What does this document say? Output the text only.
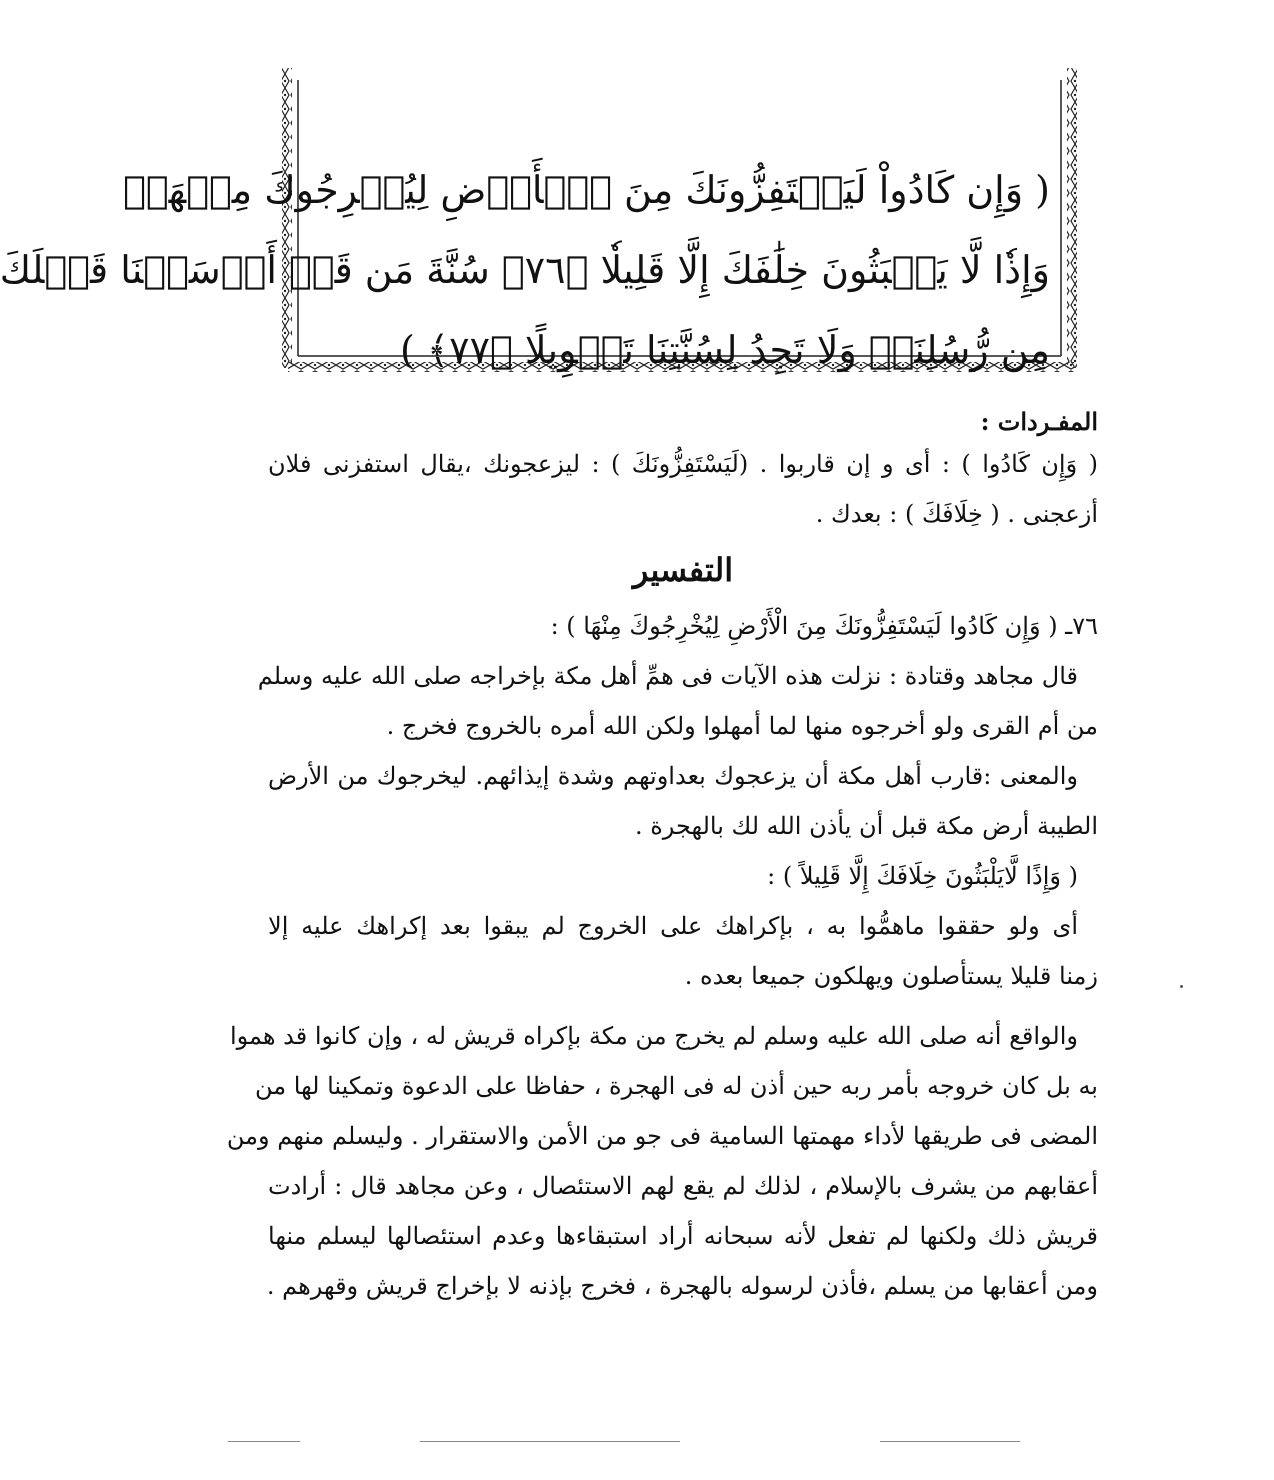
( وَإِن كَادُواْ لَيَسۡتَفِزُّونَكَ مِنَ ٱلۡأَرۡضِ لِيُخۡرِجُوكَ مِنۡهَاۖ
وَإِذٗا لَّا يَلۡبَثُونَ خِلَٰفَكَ إِلَّا قَلِيلٗا ﴿٧٦﴾ سُنَّةَ مَن قَدۡ أَرۡسَلۡنَا قَبۡلَكَ
مِن رُّسُلِنَاۖ وَلَا تَجِدُ لِسُنَّتِنَا تَحۡوِيلًا ﴿٧٧﴾ )
المفـردات :
( وَإِن كَادُوا ) : أى و إن قاربوا . (لَيَسْتَفِزُّونَكَ ) : ليزعجونك ،يقال استفزنى فلان
أزعجنى . ( خِلَافَكَ ) : بعدك .
التفسير
٧٦ـ ( وَإِن كَادُوا لَيَسْتَفِزُّونَكَ مِنَ الْأَرْضِ لِيُخْرِجُوكَ مِنْهَا ) :
قال مجاهد وقتادة : نزلت هذه الآيات فى همِّ أهل مكة بإخراجه صلى الله عليه وسلم
من أم القرى ولو أخرجوه منها لما أمهلوا ولكن الله أمره بالخروج فخرج .
والمعنى :قارب أهل مكة أن يزعجوك بعداوتهم وشدة إيذائهم. ليخرجوك من الأرض
الطيبة أرض مكة قبل أن يأذن الله لك بالهجرة .
( وَإِذًا لَّايَلْبَثُونَ خِلَافَكَ إِلَّا قَلِيلاً ) :
أى ولو حققوا ماهمُّوا به ، بإكراهك على الخروج لم يبقوا بعد إكراهك عليه إلا
زمنا قليلا يستأصلون ويهلكون جميعا بعده .
والواقع أنه صلى الله عليه وسلم لم يخرج من مكة بإكراه قريش له ، وإن كانوا قد هموا
به بل كان خروجه بأمر ربه حين أذن له فى الهجرة ، حفاظا على الدعوة وتمكينا لها من
المضى فى طريقها لأداء مهمتها السامية فى جو من الأمن والاستقرار . وليسلم منهم ومن
أعقابهم من يشرف بالإسلام ، لذلك لم يقع لهم الاستئصال ، وعن مجاهد قال : أرادت
قريش ذلك ولكنها لم تفعل لأنه سبحانه أراد استبقاءها وعدم استئصالها ليسلم منها
ومن أعقابها من يسلم ،فأذن لرسوله بالهجرة ، فخرج بإذنه لا بإخراج قريش وقهرهم .
